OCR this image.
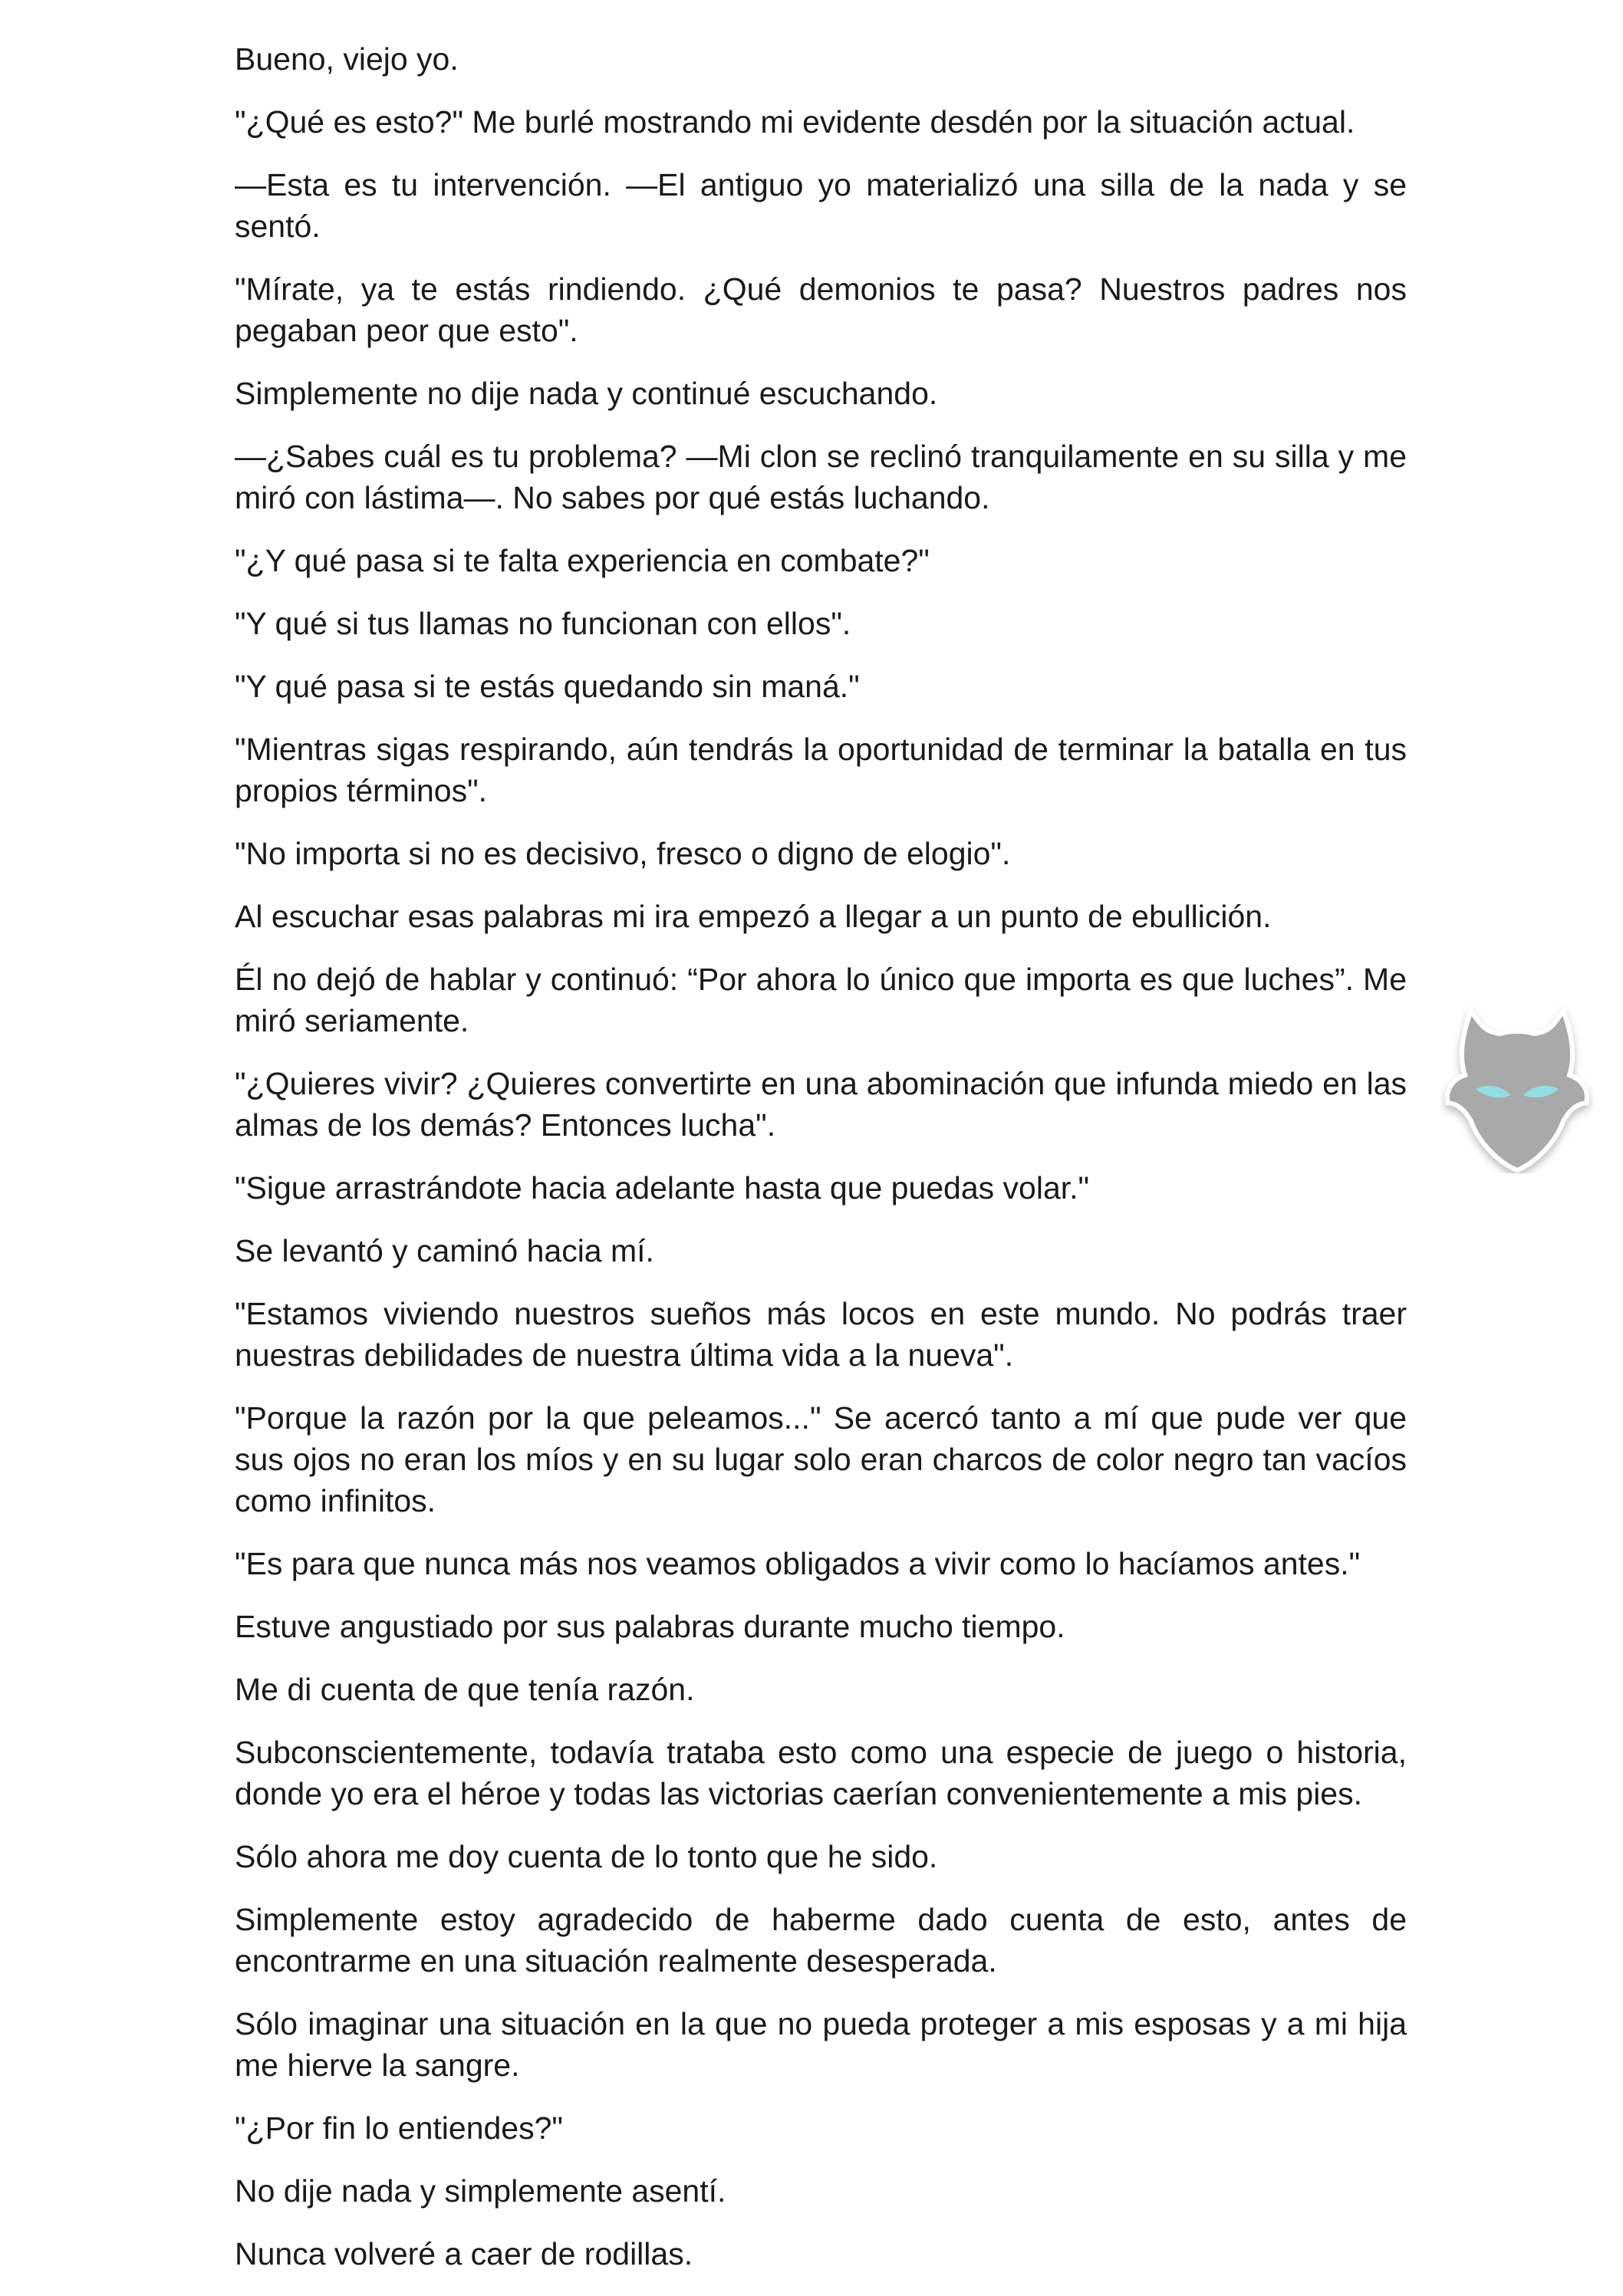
Bueno, viejo yo.

"¿Qué es esto?" Me burlé mostrando mi evidente desdén por la situación actual.

—Esta es tu intervención. —El antiguo yo materializó una silla de la nada y se sentó.

"Mírate, ya te estás rindiendo. ¿Qué demonios te pasa? Nuestros padres nos pegaban peor que esto".

Simplemente no dije nada y continué escuchando.

—¿Sabes cuál es tu problema? —Mi clon se reclinó tranquilamente en su silla y me miró con lástima—. No sabes por qué estás luchando.

"¿Y qué pasa si te falta experiencia en combate?"

"Y qué si tus llamas no funcionan con ellos".

"Y qué pasa si te estás quedando sin maná."

"Mientras sigas respirando, aún tendrás la oportunidad de terminar la batalla en tus propios términos".

"No importa si no es decisivo, fresco o digno de elogio".

Al escuchar esas palabras mi ira empezó a llegar a un punto de ebullición.

Él no dejó de hablar y continuó: “Por ahora lo único que importa es que luches”. Me miró seriamente.

"¿Quieres vivir? ¿Quieres convertirte en una abominación que infunda miedo en las almas de los demás? Entonces lucha".

"Sigue arrastrándote hacia adelante hasta que puedas volar."

Se levantó y caminó hacia mí.

"Estamos viviendo nuestros sueños más locos en este mundo. No podrás traer nuestras debilidades de nuestra última vida a la nueva".

"Porque la razón por la que peleamos..." Se acercó tanto a mí que pude ver que sus ojos no eran los míos y en su lugar solo eran charcos de color negro tan vacíos como infinitos.

"Es para que nunca más nos veamos obligados a vivir como lo hacíamos antes."

Estuve angustiado por sus palabras durante mucho tiempo.

Me di cuenta de que tenía razón.

Subconscientemente, todavía trataba esto como una especie de juego o historia, donde yo era el héroe y todas las victorias caerían convenientemente a mis pies.

Sólo ahora me doy cuenta de lo tonto que he sido.

Simplemente estoy agradecido de haberme dado cuenta de esto, antes de encontrarme en una situación realmente desesperada.

Sólo imaginar una situación en la que no pueda proteger a mis esposas y a mi hija me hierve la sangre.

"¿Por fin lo entiendes?"

No dije nada y simplemente asentí.

Nunca volveré a caer de rodillas.
